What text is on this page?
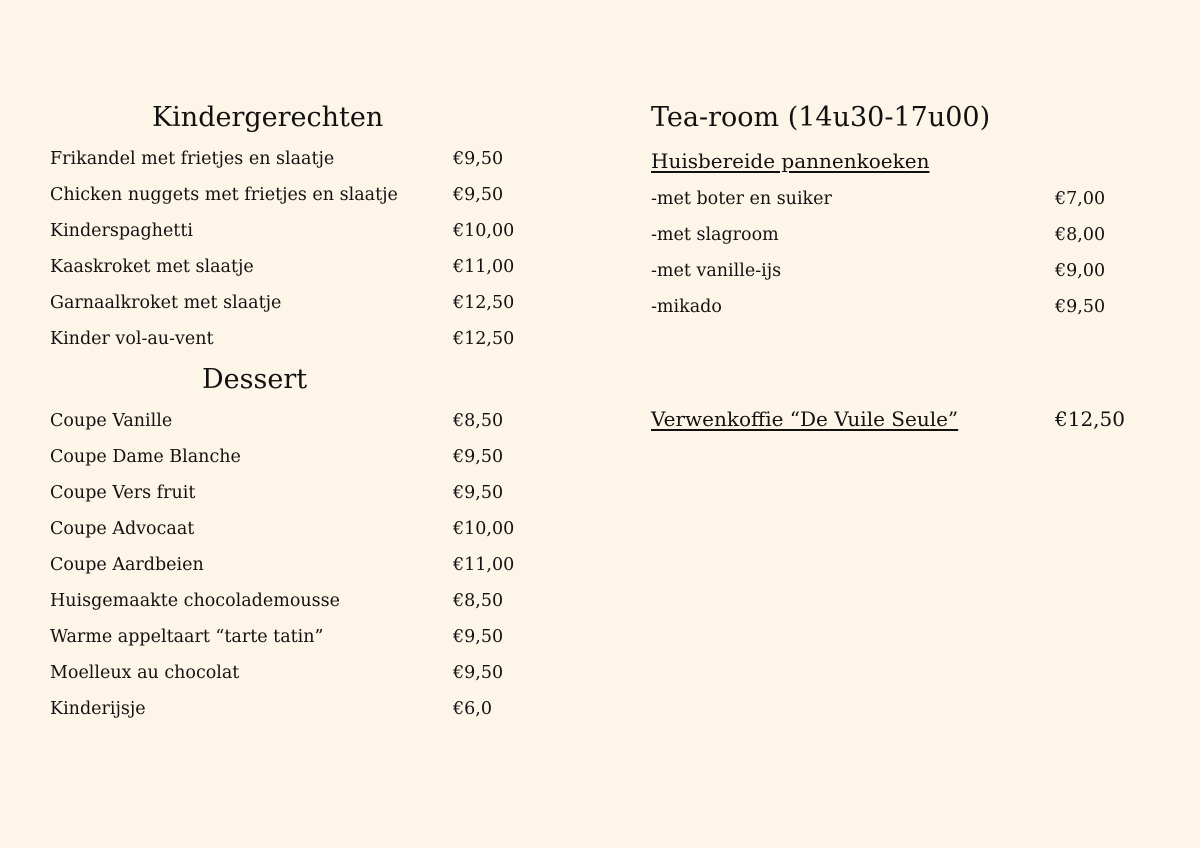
Kindergerechten
Frikandel met frietjes en slaatje	€9,50
Chicken nuggets met frietjes en slaatje	€9,50
Kinderspaghetti	€10,00
Kaaskroket met slaatje	€11,00
Garnaalkroket met slaatje	€12,50
Kinder vol-au-vent	€12,50
Dessert
Coupe Vanille	€8,50
Coupe Dame Blanche	€9,50
Coupe Vers fruit	€9,50
Coupe Advocaat	€10,00
Coupe Aardbeien	€11,00
Huisgemaakte chocolademousse	€8,50
Warme appeltaart “tarte tatin”	€9,50
Moelleux au chocolat	€9,50
Kinderijsje	€6,0
Tea-room (14u30-17u00)
Huisbereide pannenkoeken
-met boter en suiker	€7,00
-met slagroom	€8,00
-met vanille-ijs	€9,00
-mikado	€9,50
Verwenkoffie “De Vuile Seule”	€12,50
